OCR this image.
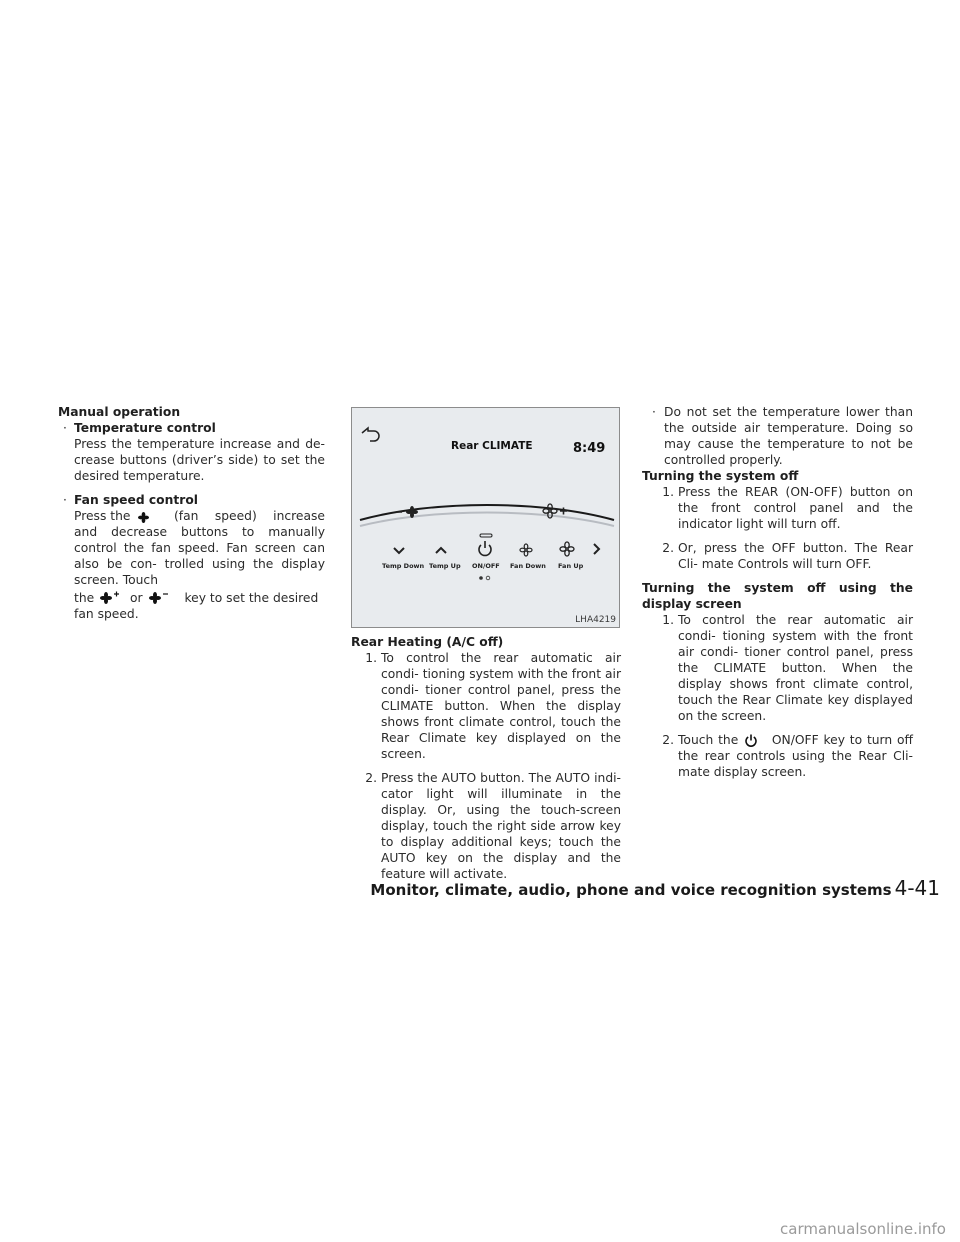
Manual operation

· Temperature control

Press the temperature increase and de- crease buttons (driver’s side) to set the desired temperature.

· Fan speed control

Press the	(fan speed) increase and decrease buttons to manually control the fan speed. Fan screen can also be con- trolled using the display screen. Touch

the	or	key to set the desired

fan speed.

Rear CLIMATE	8:49
Temp Down Temp Up ON/OFF Fan Down Fan Up
LHA4219

Rear Heating (A/C off)

1. To control the rear automatic air condi- tioning system with the front air condi- tioner control panel, press the CLIMATE button. When the display shows front climate control, touch the Rear Climate key displayed on the screen.

2. Press the AUTO button. The AUTO indi- cator light will illuminate in the display. Or, using the touch-screen display, touch the right side arrow key to display additional keys; touch the AUTO key on the display and the feature will activate.

· Do not set the temperature lower than the outside air temperature. Doing so may cause the temperature to not be controlled properly.

Turning the system off

1. Press the REAR (ON-OFF) button on the front control panel and the indicator light will turn off.

2. Or, press the OFF button. The Rear Cli- mate Controls will turn OFF.

Turning the system off using the display screen

1. To control the rear automatic air condi- tioning system with the front air condi- tioner control panel, press the CLIMATE button. When the display shows front climate control, touch the Rear Climate key displayed on the screen.

2. Touch the	ON/OFF key to turn off the rear controls using the Rear Cli- mate display screen.

Monitor, climate, audio, phone and voice recognition systems 4-41
carmanualsonline.info
